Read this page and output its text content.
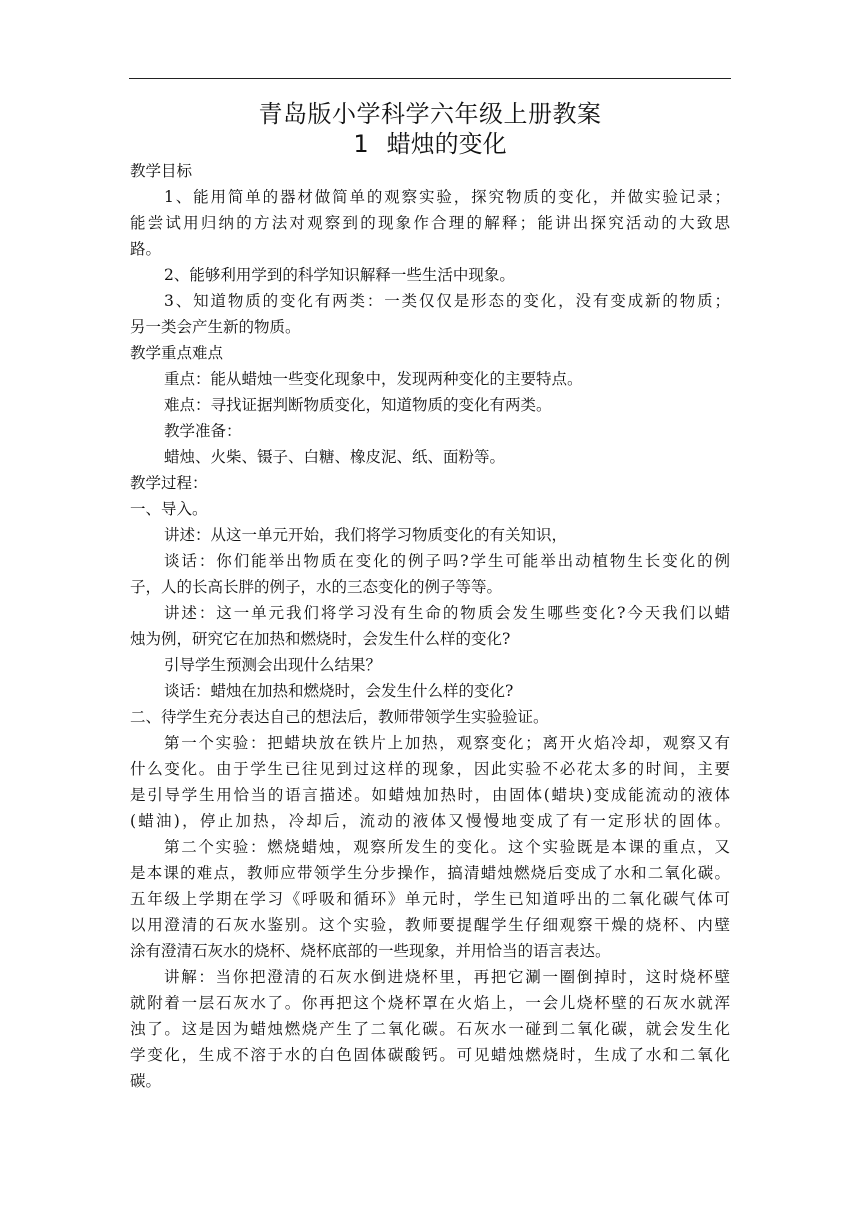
青岛版小学科学六年级上册教案
1 蜡烛的变化
教学目标
1、能用简单的器材做简单的观察实验，探究物质的变化，并做实验记录；
能尝试用归纳的方法对观察到的现象作合理的解释；能讲出探究活动的大致思
路。
2、能够利用学到的科学知识解释一些生活中现象。
3、知道物质的变化有两类：一类仅仅是形态的变化，没有变成新的物质；
另一类会产生新的物质。
教学重点难点
重点：能从蜡烛一些变化现象中，发现两种变化的主要特点。
难点：寻找证据判断物质变化，知道物质的变化有两类。
教学准备：
蜡烛、火柴、镊子、白糖、橡皮泥、纸、面粉等。
教学过程：
一、导入。
讲述：从这一单元开始，我们将学习物质变化的有关知识，
谈话：你们能举出物质在变化的例子吗?学生可能举出动植物生长变化的例
子，人的长高长胖的例子，水的三态变化的例子等等。
讲述：这一单元我们将学习没有生命的物质会发生哪些变化?今天我们以蜡
烛为例，研究它在加热和燃烧时，会发生什么样的变化?
引导学生预测会出现什么结果？
谈话：蜡烛在加热和燃烧时，会发生什么样的变化?
二、待学生充分表达自己的想法后，教师带领学生实验验证。
第一个实验：把蜡块放在铁片上加热，观察变化；离开火焰冷却，观察又有
什么变化。由于学生已往见到过这样的现象，因此实验不必花太多的时间，主要
是引导学生用恰当的语言描述。如蜡烛加热时，由固体(蜡块)变成能流动的液体
(蜡油)，停止加热，冷却后，流动的液体又慢慢地变成了有一定形状的固体。
第二个实验：燃烧蜡烛，观察所发生的变化。这个实验既是本课的重点，又
是本课的难点，教师应带领学生分步操作，搞清蜡烛燃烧后变成了水和二氧化碳。
五年级上学期在学习《呼吸和循环》单元时，学生已知道呼出的二氧化碳气体可
以用澄清的石灰水鉴别。这个实验，教师要提醒学生仔细观察干燥的烧杯、内壁
涂有澄清石灰水的烧杯、烧杯底部的一些现象，并用恰当的语言表达。
讲解：当你把澄清的石灰水倒进烧杯里，再把它涮一圈倒掉时，这时烧杯壁
就附着一层石灰水了。你再把这个烧杯罩在火焰上，一会儿烧杯壁的石灰水就浑
浊了。这是因为蜡烛燃烧产生了二氧化碳。石灰水一碰到二氧化碳，就会发生化
学变化，生成不溶于水的白色固体碳酸钙。可见蜡烛燃烧时，生成了水和二氧化
碳。
